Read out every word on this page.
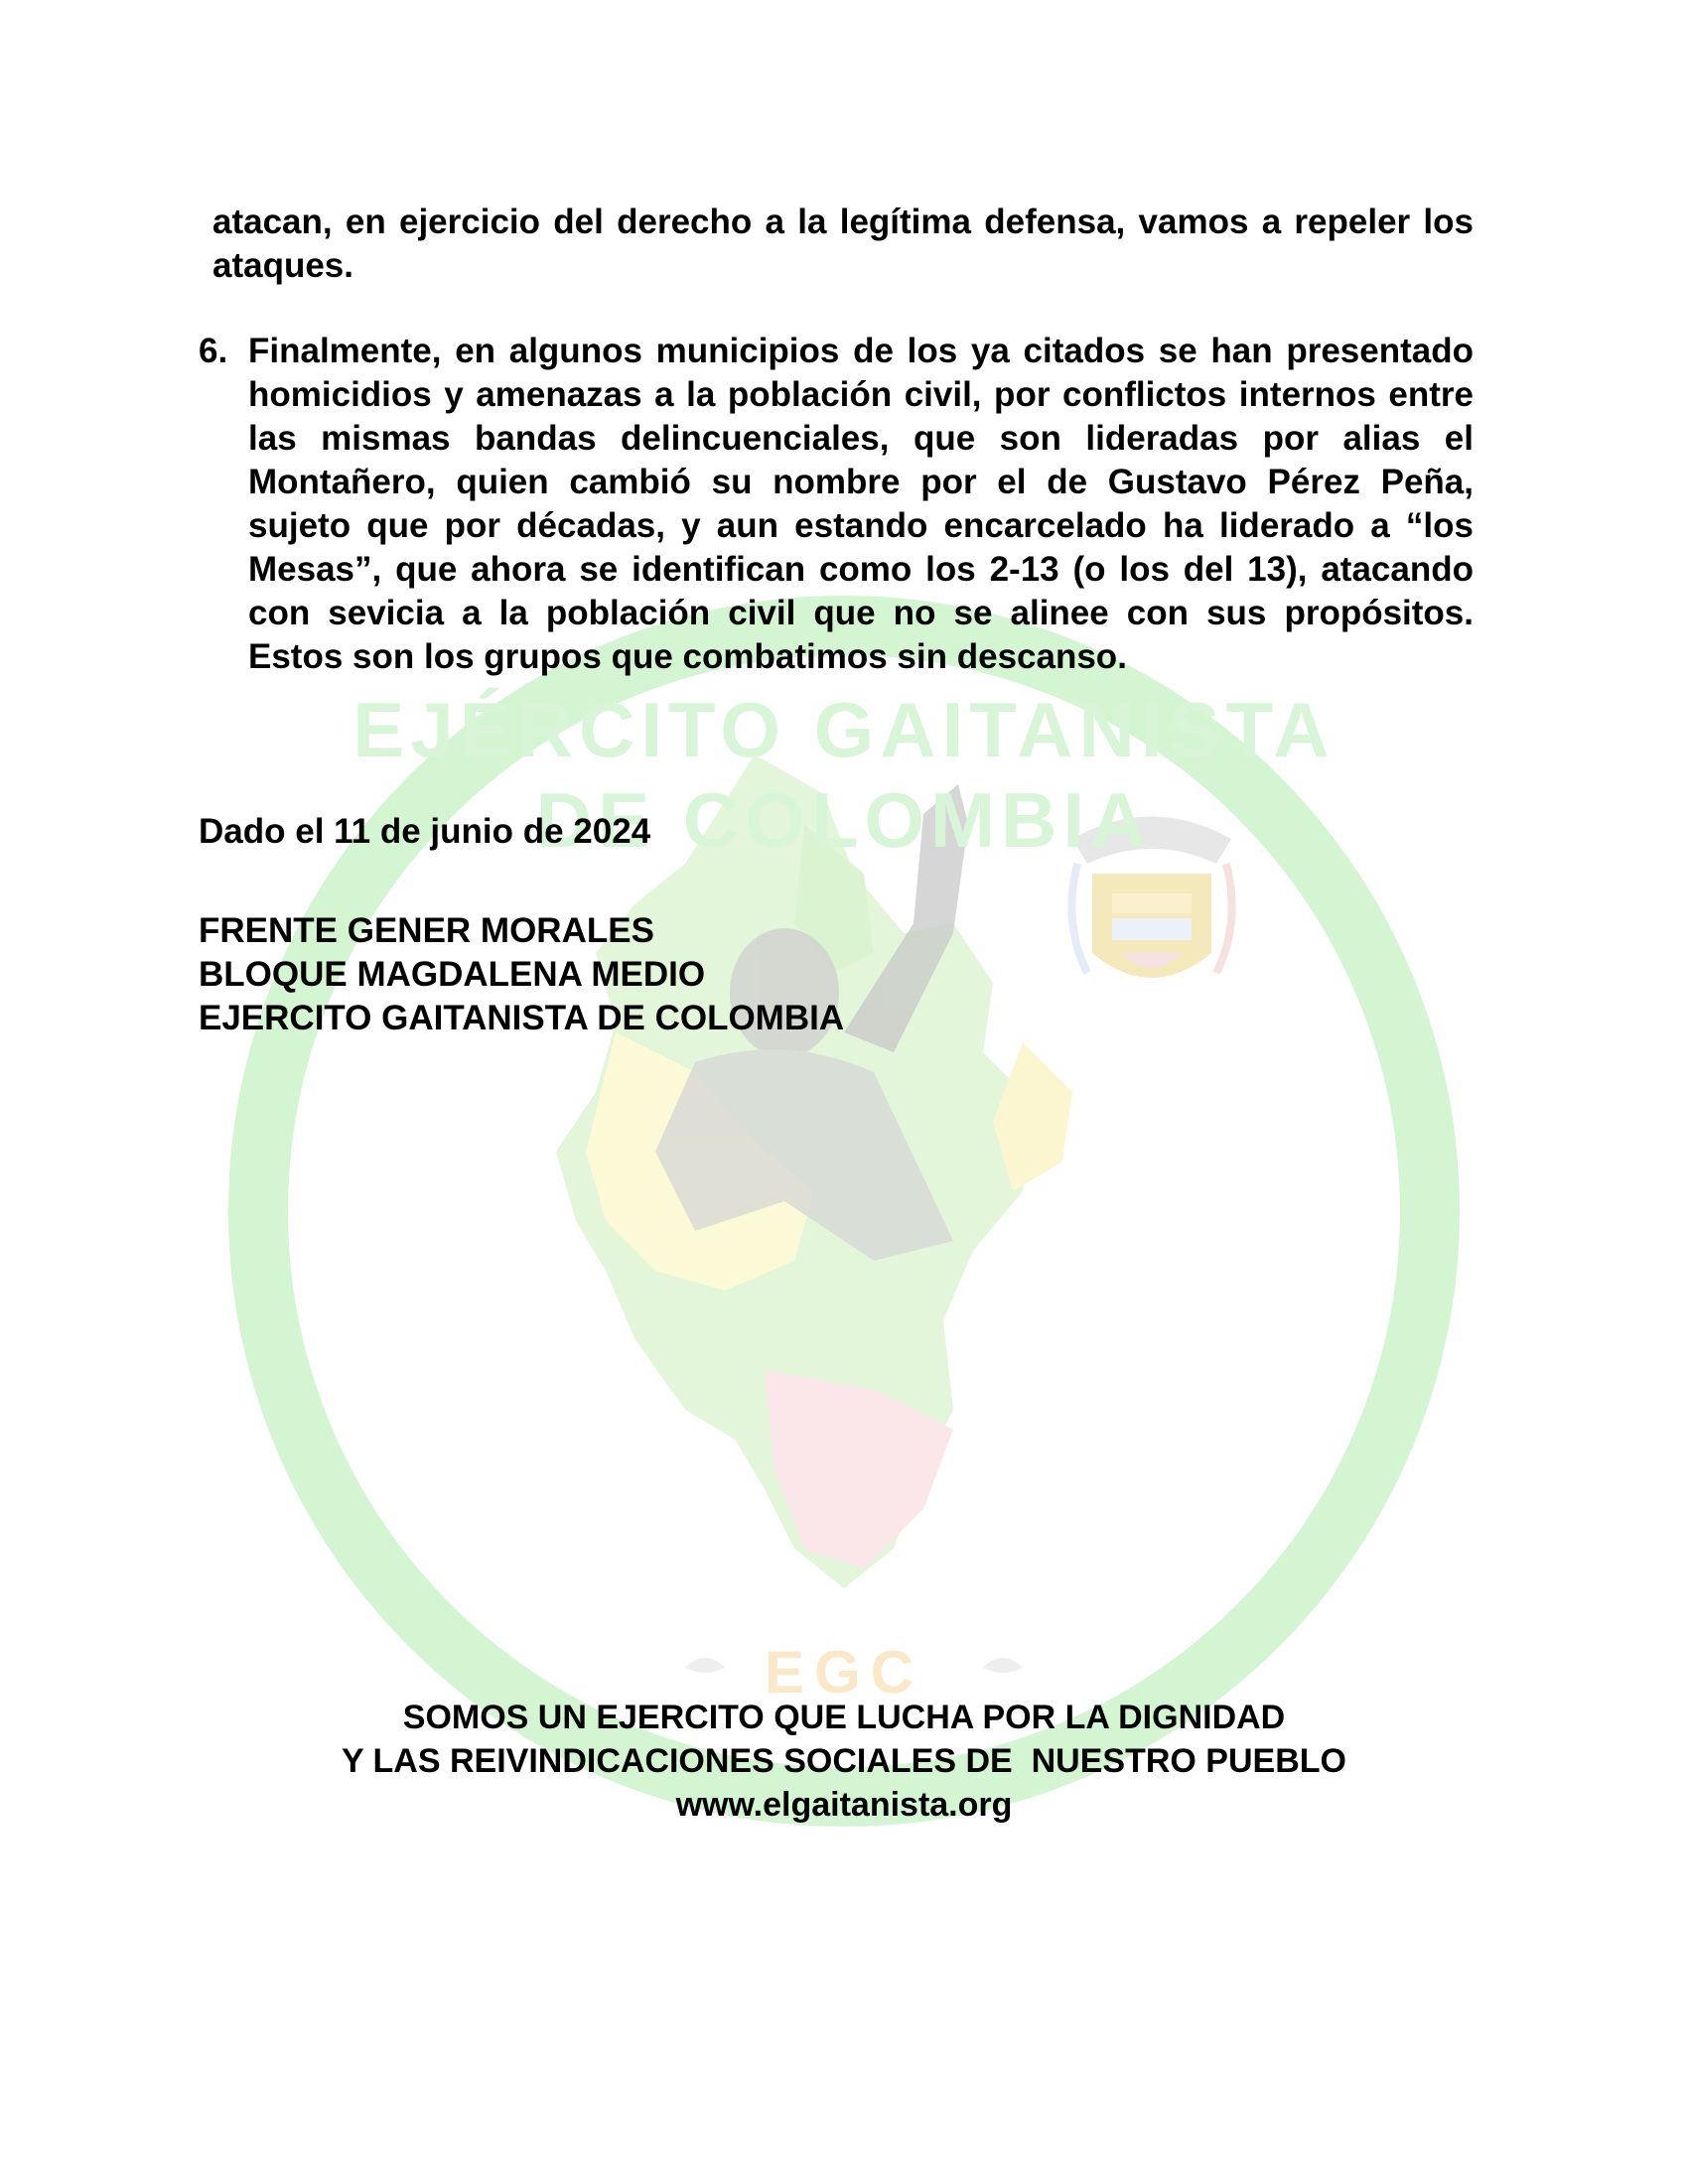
EJÉRCITO GAITANISTA DE COLOMBIA
EGC
atacan, en ejercicio del derecho a la legítima defensa, vamos a repeler los ataques.
6. Finalmente, en algunos municipios de los ya citados se han presentado homicidios y amenazas a la población civil, por conflictos internos entre las mismas bandas delincuenciales, que son lideradas por alias el Montañero, quien cambió su nombre por el de Gustavo Pérez Peña, sujeto que por décadas, y aun estando encarcelado ha liderado a “los Mesas”, que ahora se identifican como los 2-13 (o los del 13), atacando con sevicia a la población civil que no se alinee con sus propósitos. Estos son los grupos que combatimos sin descanso.
Dado el 11 de junio de 2024
FRENTE GENER MORALES
BLOQUE MAGDALENA MEDIO
EJERCITO GAITANISTA DE COLOMBIA
SOMOS UN EJERCITO QUE LUCHA POR LA DIGNIDAD
Y LAS REIVINDICACIONES SOCIALES DE  NUESTRO PUEBLO
www.elgaitanista.org
